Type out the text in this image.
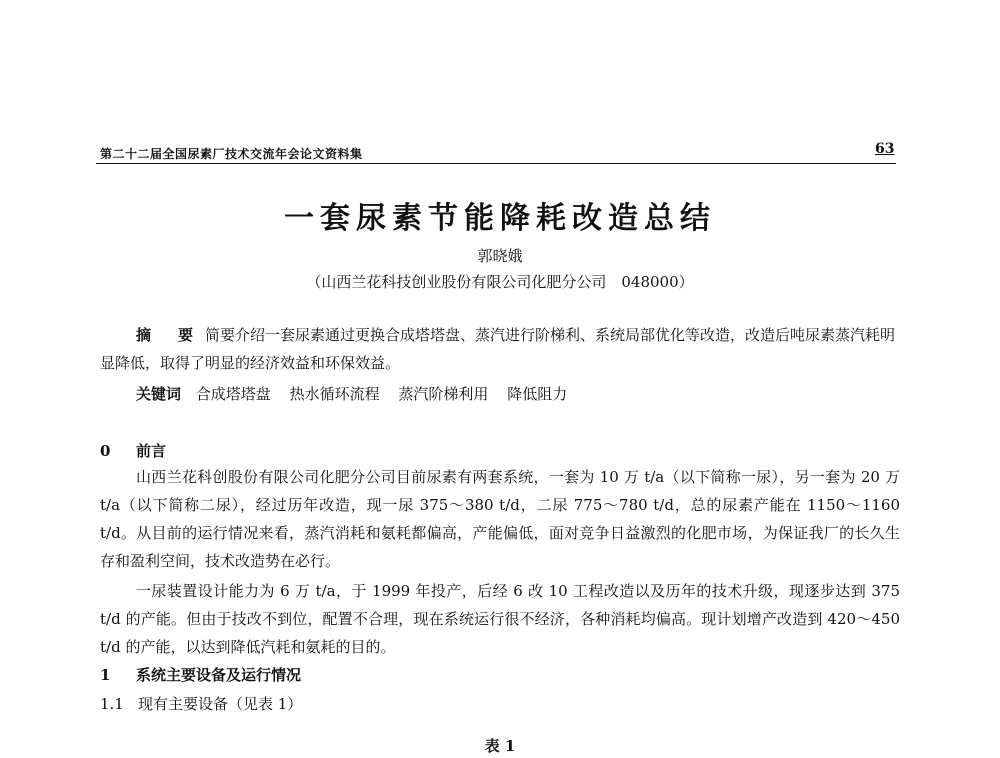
第二十二届全国尿素厂技术交流年会论文资料集	63
一套尿素节能降耗改造总结
郭晓娥
（山西兰花科技创业股份有限公司化肥分公司　048000）
摘　要 简要介绍一套尿素通过更换合成塔塔盘、蒸汽进行阶梯利、系统局部优化等改造，改造后吨尿素蒸汽耗明显降低，取得了明显的经济效益和环保效益。
关键词 合成塔塔盘 热水循环流程 蒸汽阶梯利用 降低阻力
0 前言
山西兰花科创股份有限公司化肥分公司目前尿素有两套系统，一套为 10 万 t/a（以下简称一尿），另一套为 20 万 t/a（以下简称二尿），经过历年改造，现一尿 375～380 t/d，二尿 775～780 t/d，总的尿素产能在 1150～1160 t/d。从目前的运行情况来看，蒸汽消耗和氨耗都偏高，产能偏低，面对竞争日益激烈的化肥市场，为保证我厂的长久生存和盈利空间，技术改造势在必行。
一尿装置设计能力为 6 万 t/a，于 1999 年投产，后经 6 改 10 工程改造以及历年的技术升级，现逐步达到 375 t/d 的产能。但由于技改不到位，配置不合理，现在系统运行很不经济，各种消耗均偏高。现计划增产改造到 420～450 t/d 的产能，以达到降低汽耗和氨耗的目的。
1 系统主要设备及运行情况
1.1 现有主要设备（见表 1）
表 1
